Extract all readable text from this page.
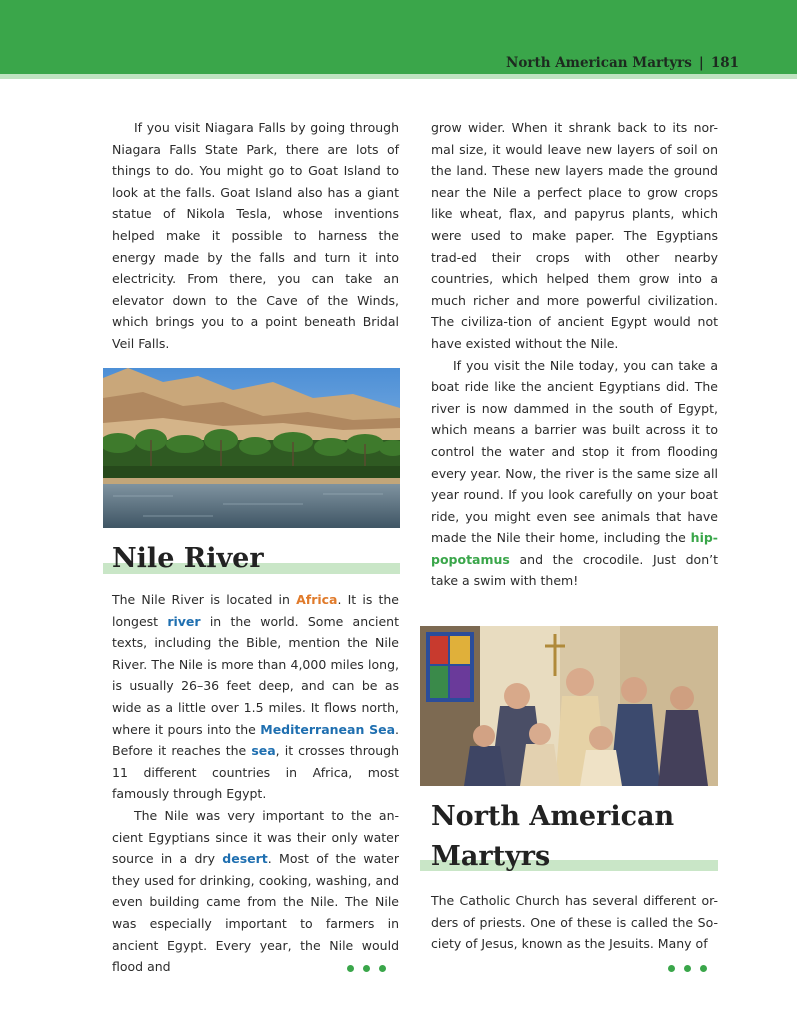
North American Martyrs | 181

If you visit Niagara Falls by going through Niagara Falls State Park, there are lots of things to do. You might go to Goat Island to look at the falls. Goat Island also has a giant statue of Nikola Tesla, whose inventions helped make it possible to harness the energy made by the falls and turn it into electricity. From there, you can take an elevator down to the Cave of the Winds, which brings you to a point beneath Bridal Veil Falls.

Nile River

The Nile River is located in Africa. It is the longest river in the world. Some ancient texts, including the Bible, mention the Nile River. The Nile is more than 4,000 miles long, is usually 26–36 feet deep, and can be as wide as a little over 1.5 miles. It flows north, where it pours into the Mediterranean Sea. Before it reaches the sea, it crosses through 11 different countries in Africa, most famously through Egypt.

The Nile was very important to the an-cient Egyptians since it was their only water source in a dry desert. Most of the water they used for drinking, cooking, washing, and even building came from the Nile. The Nile was especially important to farmers in ancient Egypt. Every year, the Nile would flood and

grow wider. When it shrank back to its nor-mal size, it would leave new layers of soil on the land. These new layers made the ground near the Nile a perfect place to grow crops like wheat, flax, and papyrus plants, which were used to make paper. The Egyptians trad-ed their crops with other nearby countries, which helped them grow into a much richer and more powerful civilization. The civiliza-tion of ancient Egypt would not have existed without the Nile.

If you visit the Nile today, you can take a boat ride like the ancient Egyptians did. The river is now dammed in the south of Egypt, which means a barrier was built across it to control the water and stop it from flooding every year. Now, the river is the same size all year round. If you look carefully on your boat ride, you might even see animals that have made the Nile their home, including the hip-popotamus and the crocodile. Just don’t take a swim with them!

North American
Martyrs

The Catholic Church has several different or-ders of priests. One of these is called the So-ciety of Jesus, known as the Jesuits. Many of
